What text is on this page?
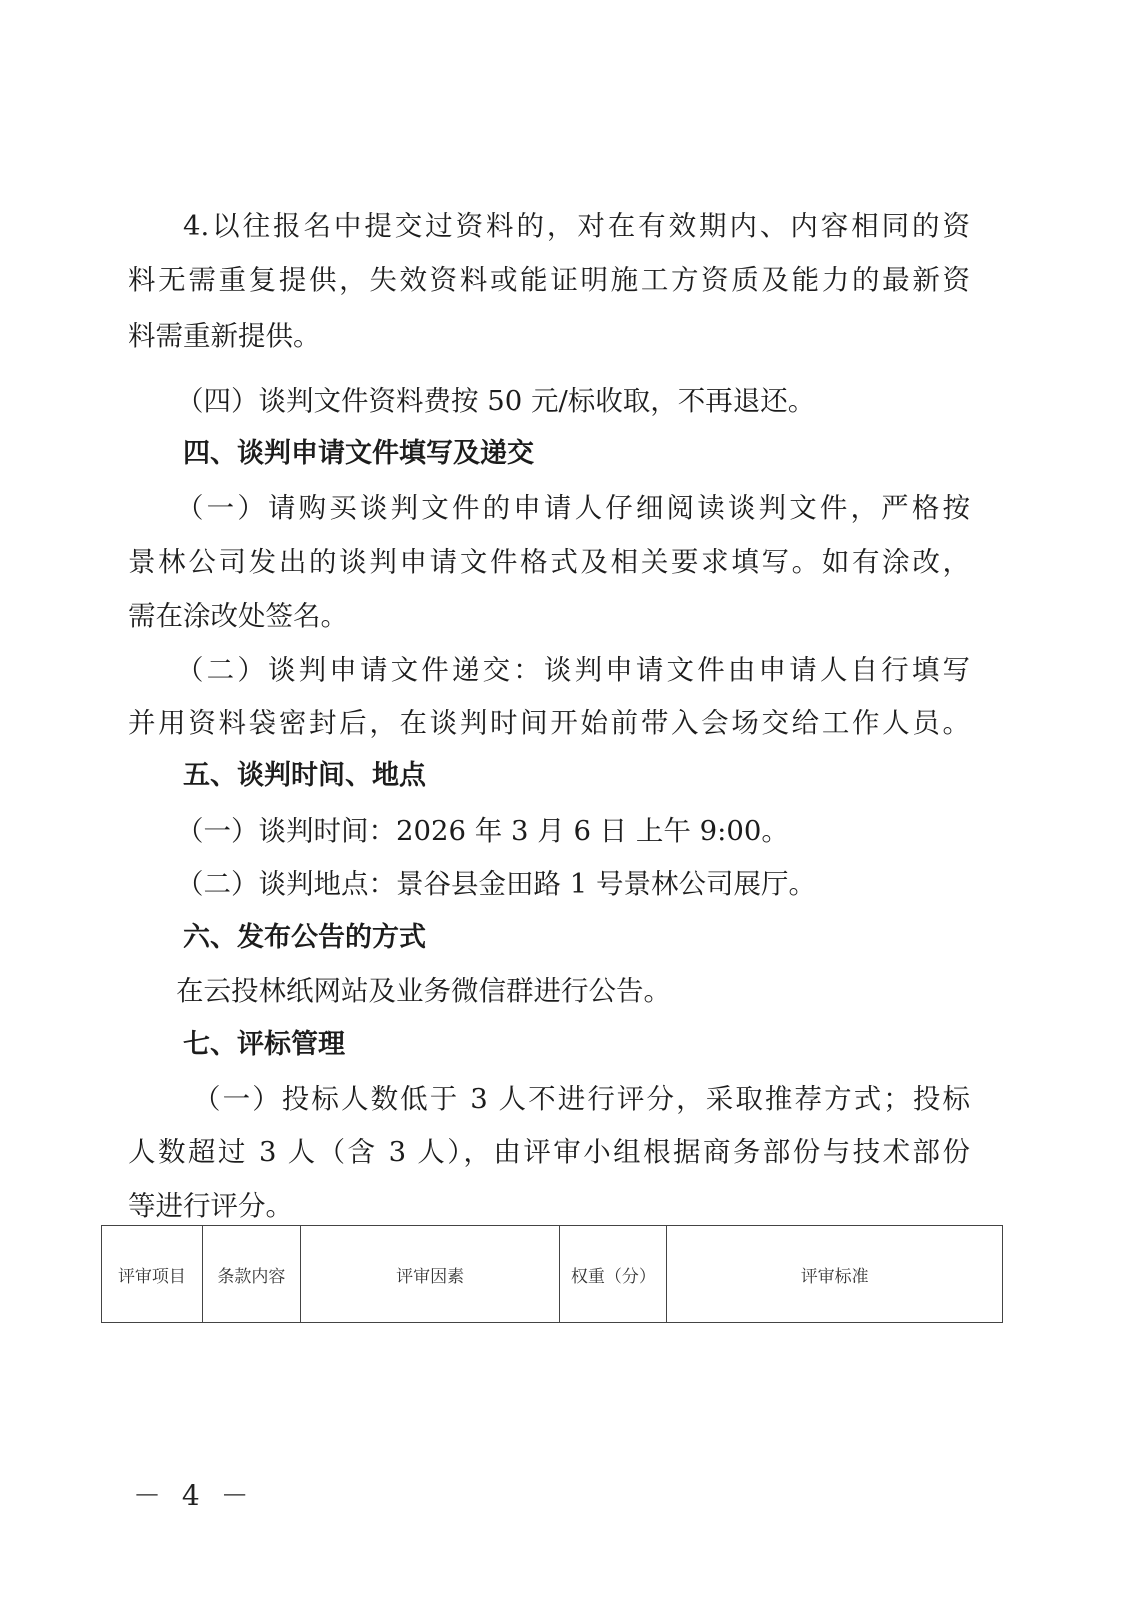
4.以往报名中提交过资料的，对在有效期内、内容相同的资
料无需重复提供，失效资料或能证明施工方资质及能力的最新资
料需重新提供。
（四）谈判文件资料费按 50 元/标收取，不再退还。
四、谈判申请文件填写及递交
（一）请购买谈判文件的申请人仔细阅读谈判文件，严格按
景林公司发出的谈判申请文件格式及相关要求填写。如有涂改，
需在涂改处签名。
（二）谈判申请文件递交：谈判申请文件由申请人自行填写
并用资料袋密封后，在谈判时间开始前带入会场交给工作人员。
五、谈判时间、地点
（一）谈判时间：2026 年 3 月 6 日 上午 9:00。
（二）谈判地点：景谷县金田路 1 号景林公司展厅。
六、发布公告的方式
在云投林纸网站及业务微信群进行公告。
七、评标管理
（一）投标人数低于 3 人不进行评分，采取推荐方式；投标
人数超过 3 人（含 3 人），由评审小组根据商务部份与技术部份
等进行评分。
评审项目	条款内容	评审因素	权重（分）	评审标准
－ 4 －
